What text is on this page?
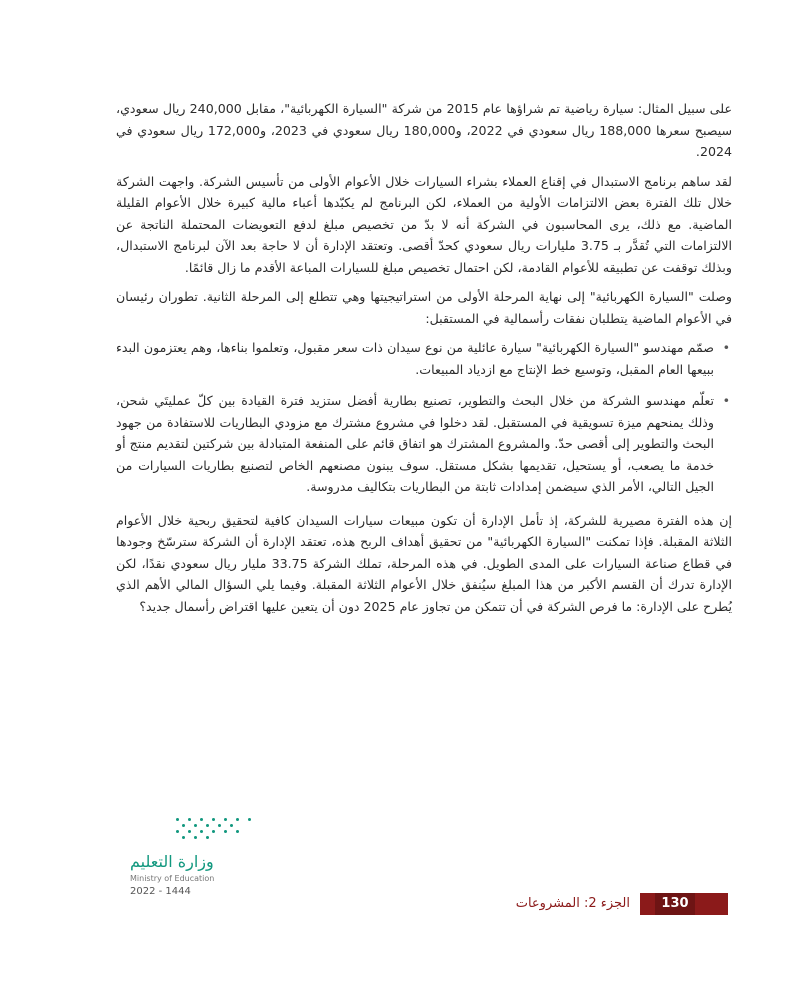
على سبيل المثال: سيارة رياضية تم شراؤها عام 2015 من شركة "السيارة الكهربائية"، مقابل 240,000 ريال سعودي، سيصبح سعرها 188,000 ريال سعودي في 2022، و180,000 ريال سعودي في 2023، و172,000 ريال سعودي في 2024.

لقد ساهم برنامج الاستبدال في إقناع العملاء بشراء السيارات خلال الأعوام الأولى من تأسيس الشركة. واجهت الشركة خلال تلك الفترة بعض الالتزامات الأولية من العملاء، لكن البرنامج لم يكبّدها أعباء مالية كبيرة خلال الأعوام القليلة الماضية. مع ذلك، يرى المحاسبون في الشركة أنه لا بدّ من تخصيص مبلغ لدفع التعويضات المحتملة الناتجة عن الالتزامات التي تُقدَّر بـ 3.75 مليارات ريال سعودي كحدّ أقصى. وتعتقد الإدارة أن لا حاجة بعد الآن لبرنامج الاستبدال، وبذلك توقفت عن تطبيقه للأعوام القادمة، لكن احتمال تخصيص مبلغ للسيارات المباعة الأقدم ما زال قائمًا.

وصلت "السيارة الكهربائية" إلى نهاية المرحلة الأولى من استراتيجيتها وهي تتطلع إلى المرحلة الثانية. تطوران رئيسان في الأعوام الماضية يتطلبان نفقات رأسمالية في المستقبل:

• صمّم مهندسو "السيارة الكهربائية" سيارة عائلية من نوع سيدان ذات سعر مقبول، وتعلموا بناءها، وهم يعتزمون البدء ببيعها العام المقبل، وتوسيع خط الإنتاج مع ازدياد المبيعات.
• تعلّم مهندسو الشركة من خلال البحث والتطوير، تصنيع بطارية أفضل ستزيد فترة القيادة بين كلّ عمليتَي شحن، وذلك يمنحهم ميزة تسويقية في المستقبل. لقد دخلوا في مشروع مشترك مع مزودي البطاريات للاستفادة من جهود البحث والتطوير إلى أقصى حدّ. والمشروع المشترك هو اتفاق قائم على المنفعة المتبادلة بين شركتين لتقديم منتج أو خدمة ما يصعب، أو يستحيل، تقديمها بشكل مستقل. سوف يبنون مصنعهم الخاص لتصنيع بطاريات السيارات من الجيل التالي، الأمر الذي سيضمن إمدادات ثابتة من البطاريات بتكاليف مدروسة.

إن هذه الفترة مصيرية للشركة، إذ تأمل الإدارة أن تكون مبيعات سيارات السيدان كافية لتحقيق ربحية خلال الأعوام الثلاثة المقبلة. فإذا تمكنت "السيارة الكهربائية" من تحقيق أهداف الربح هذه، تعتقد الإدارة أن الشركة سترسّخ وجودها في قطاع صناعة السيارات على المدى الطويل. في هذه المرحلة، تملك الشركة 33.75 مليار ريال سعودي نقدًا، لكن الإدارة تدرك أن القسم الأكبر من هذا المبلغ سيُنفق خلال الأعوام الثلاثة المقبلة. وفيما يلي السؤال المالي الأهم الذي يُطرح على الإدارة: ما فرص الشركة في أن تتمكن من تجاوز عام 2025 دون أن يتعين عليها اقتراض رأسمال جديد؟

وزارة التعليم
Ministry of Education
2022 - 1444
130
الجزء 2: المشروعات
